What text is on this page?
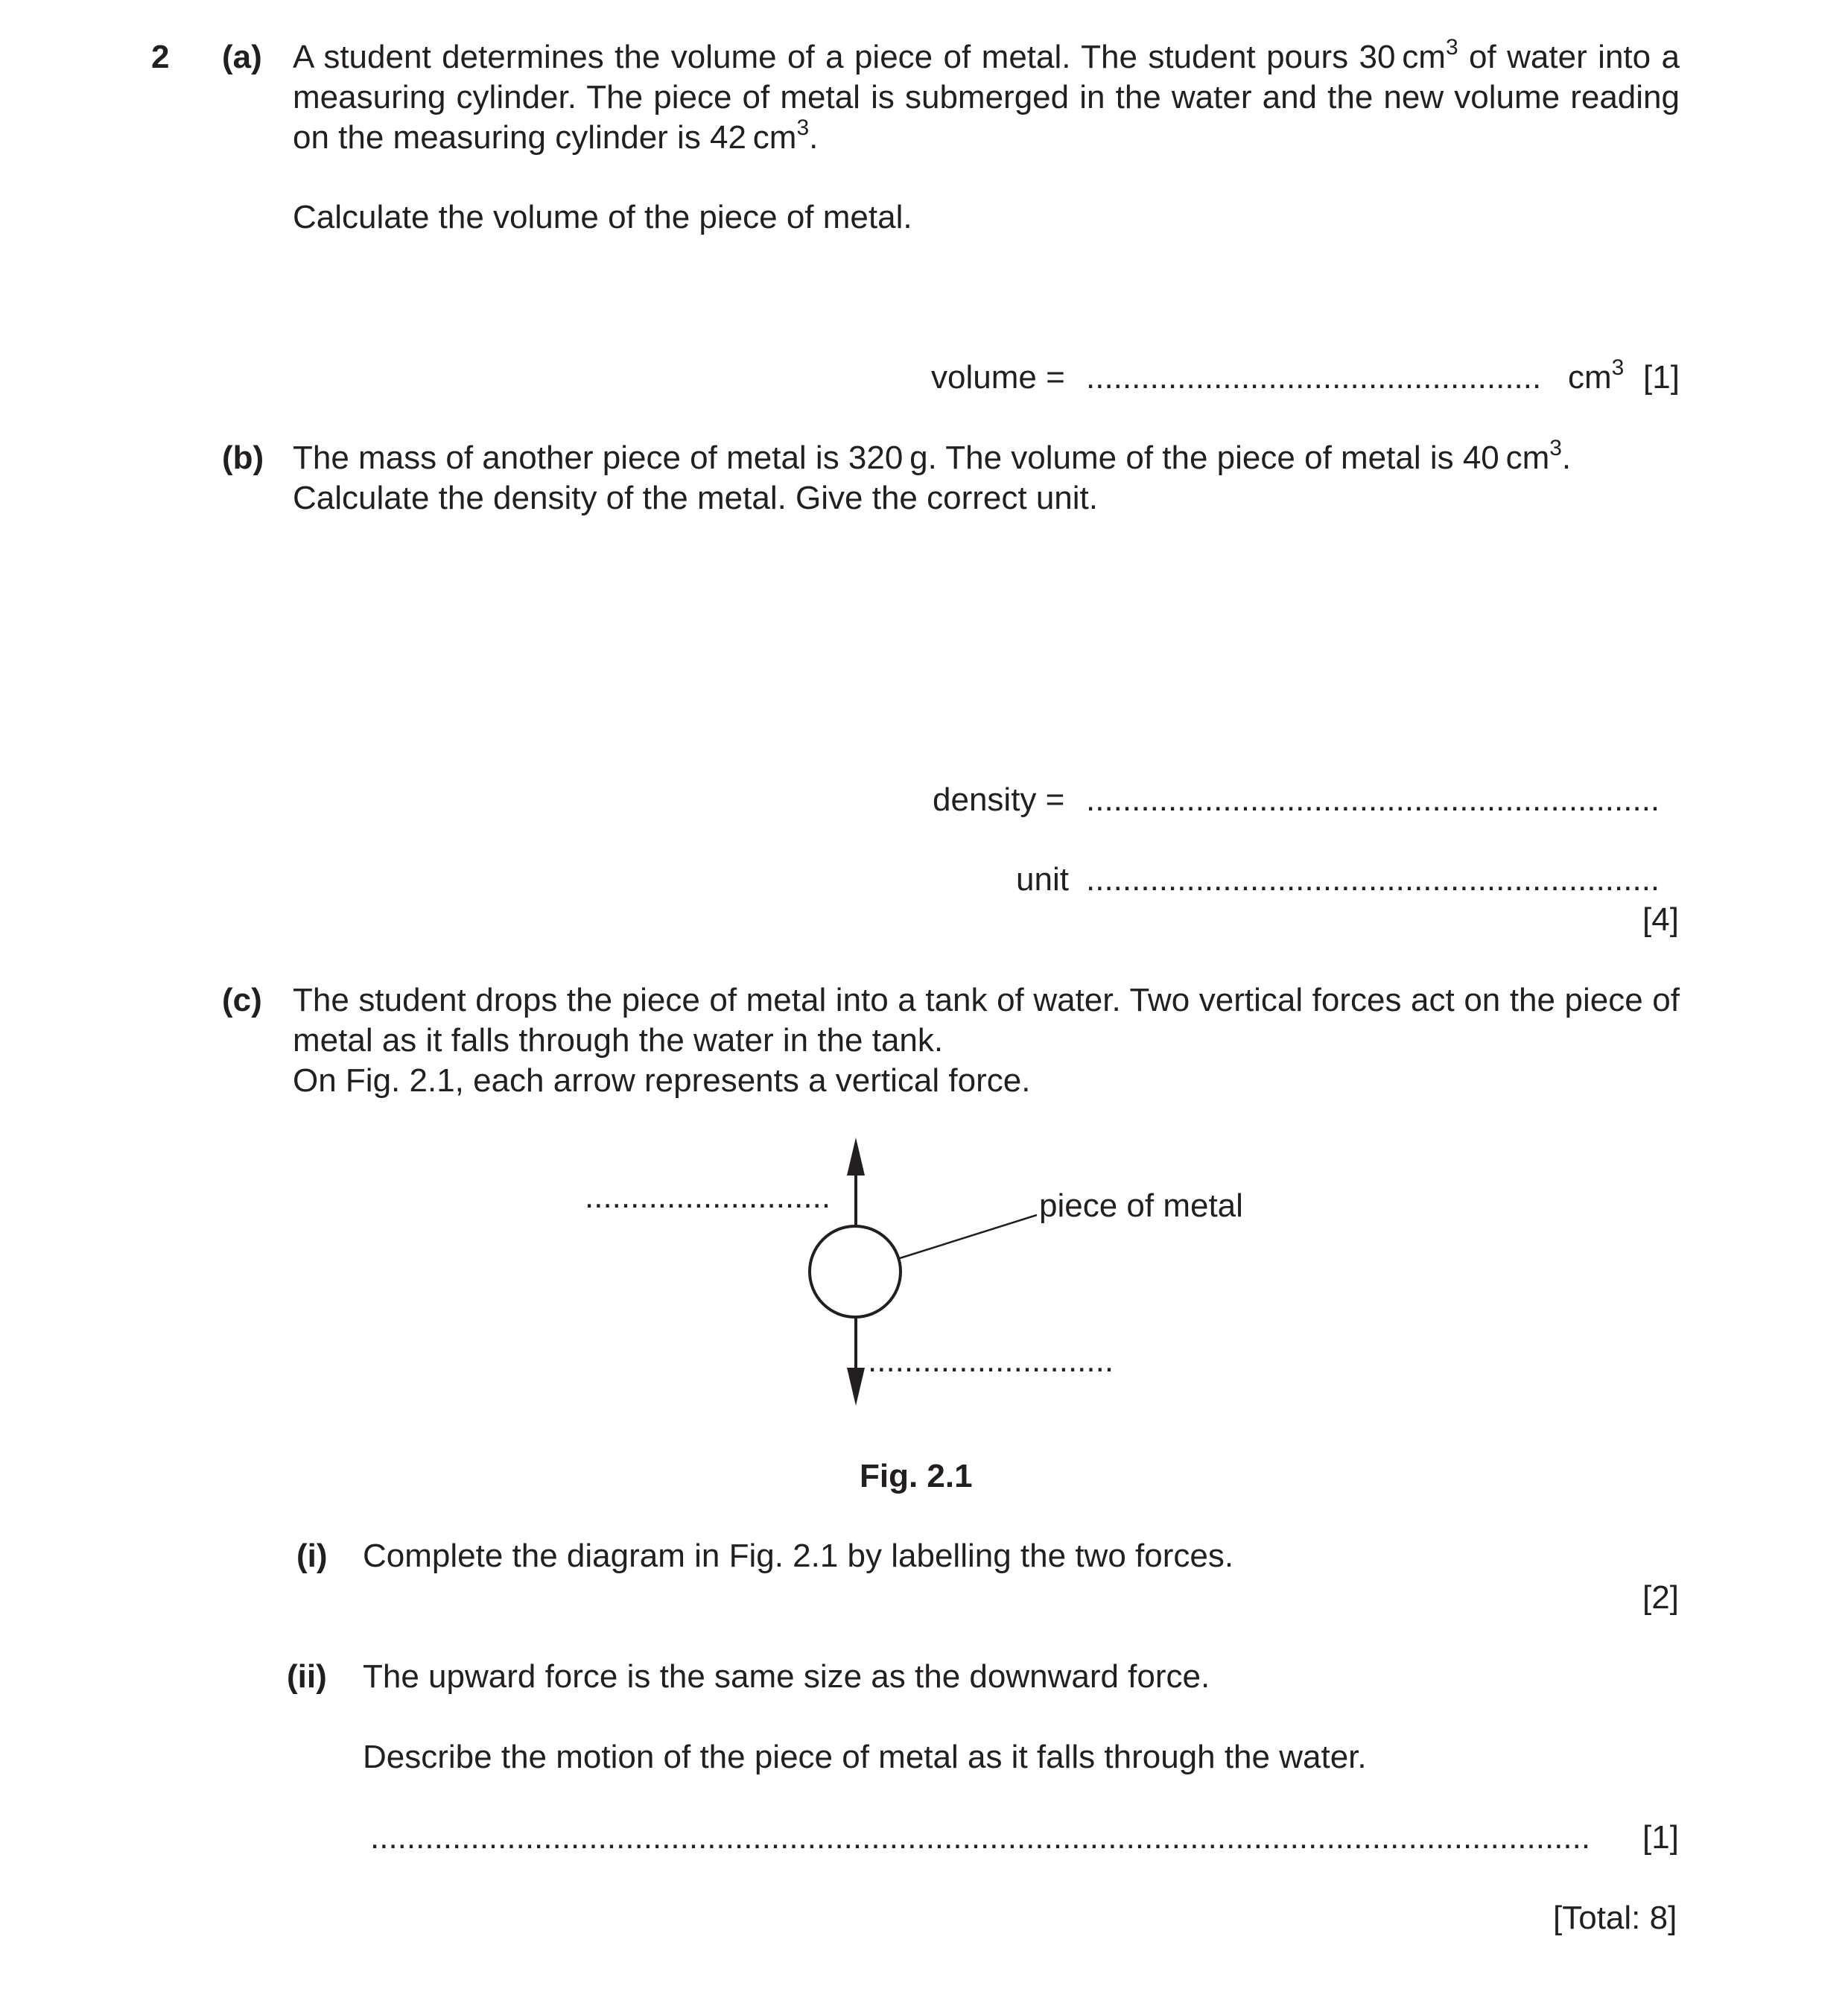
2 (a) A student determines the volume of a piece of metal. The student pours 30 $cm^3$ of water into a measuring cylinder. The piece of metal is submerged in the water and the new volume reading on the measuring cylinder is 42 $cm^3$.
Calculate the volume of the piece of metal.
volume = .................................................. $cm^3$ [1]
(b) The mass of another piece of metal is 320 g. The volume of the piece of metal is 40 $cm^3$.
Calculate the density of the metal. Give the correct unit.
density = ...............................................................
unit ...............................................................
[4]
(c) The student drops the piece of metal into a tank of water. Two vertical forces act on the piece of metal as it falls through the water in the tank.
On Fig. 2.1, each arrow represents a vertical force.
...........................
...........................
piece of metal
Fig. 2.1
(i) Complete the diagram in Fig. 2.1 by labelling the two forces.
[2]
(ii) The upward force is the same size as the downward force.
Describe the motion of the piece of metal as it falls through the water.
......................................................................................................................................	[1]
[Total: 8]
